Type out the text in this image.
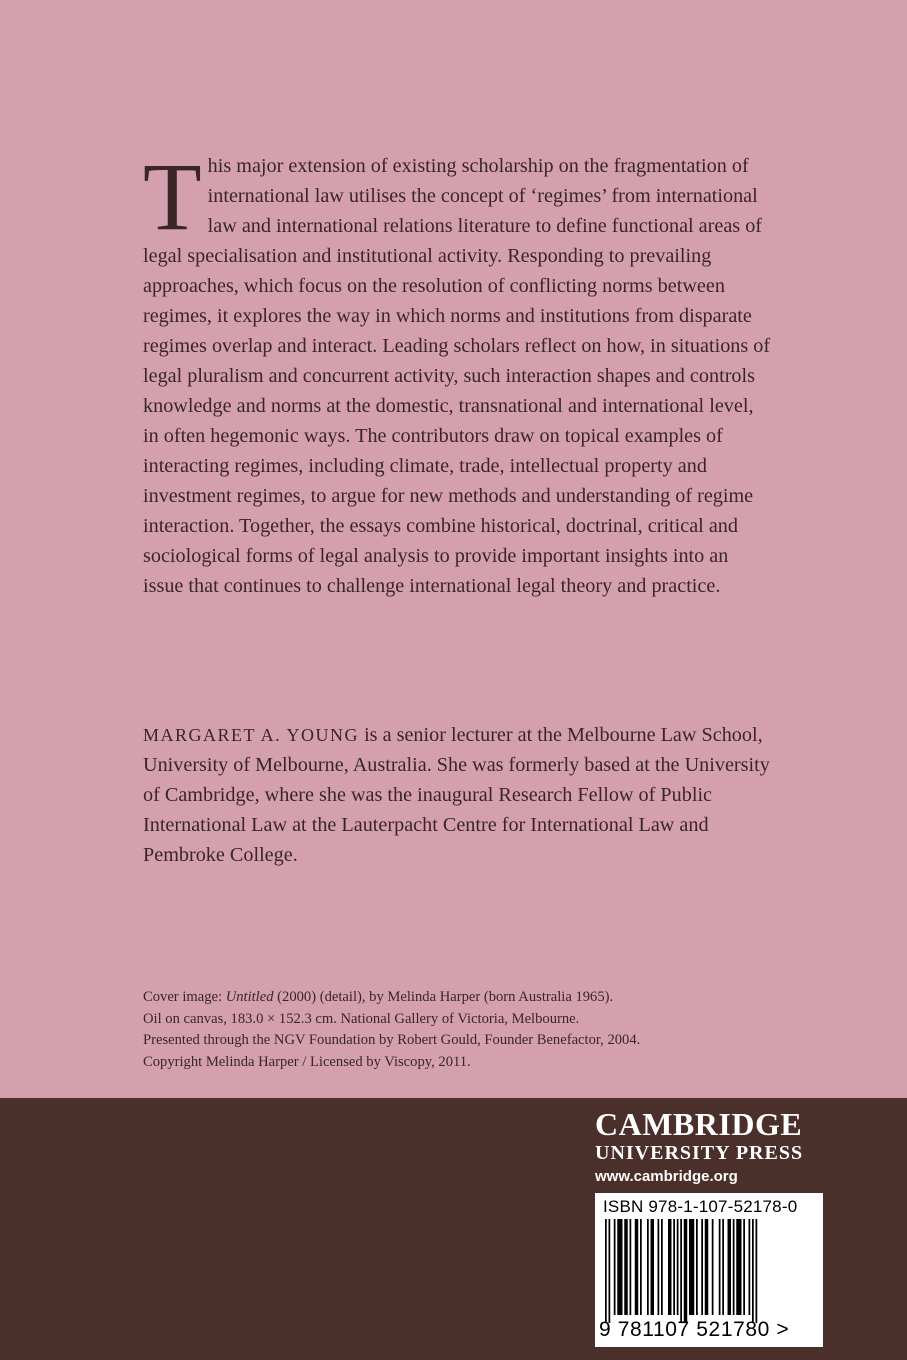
This major extension of existing scholarship on the fragmentation of international law utilises the concept of ‘regimes’ from international law and international relations literature to define functional areas of legal specialisation and institutional activity. Responding to prevailing approaches, which focus on the resolution of conflicting norms between regimes, it explores the way in which norms and institutions from disparate regimes overlap and interact. Leading scholars reflect on how, in situations of legal pluralism and concurrent activity, such interaction shapes and controls knowledge and norms at the domestic, transnational and international level, in often hegemonic ways. The contributors draw on topical examples of interacting regimes, including climate, trade, intellectual property and investment regimes, to argue for new methods and understanding of regime interaction. Together, the essays combine historical, doctrinal, critical and sociological forms of legal analysis to provide important insights into an issue that continues to challenge international legal theory and practice.

MARGARET A. YOUNG is a senior lecturer at the Melbourne Law School, University of Melbourne, Australia. She was formerly based at the University of Cambridge, where she was the inaugural Research Fellow of Public International Law at the Lauterpacht Centre for International Law and Pembroke College.

Cover image: Untitled (2000) (detail), by Melinda Harper (born Australia 1965).
Oil on canvas, 183.0 × 152.3 cm. National Gallery of Victoria, Melbourne.
Presented through the NGV Foundation by Robert Gould, Founder Benefactor, 2004.
Copyright Melinda Harper / Licensed by Viscopy, 2011.

CAMBRIDGE
UNIVERSITY PRESS
www.cambridge.org
ISBN 978-1-107-52178-0
9 781107 521780 >
